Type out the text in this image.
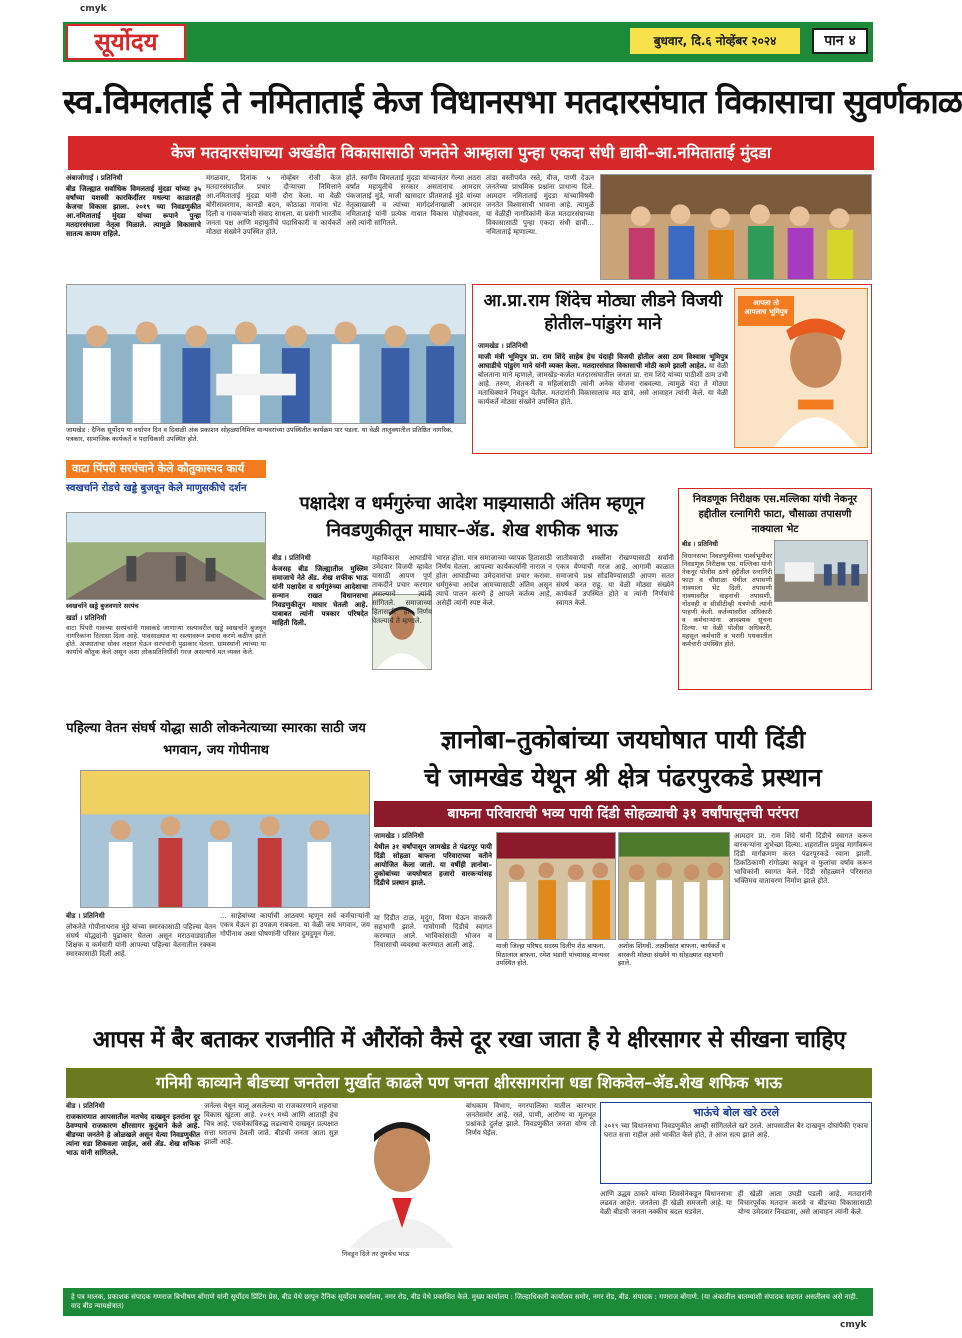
cmyk
cmyk
सूर्योदय	बुधवार, दि.६ नोव्हेंबर २०२४	पान ४
स्व.विमलताई ते नमिताताई केज विधानसभा मतदारसंघात विकासाचा सुवर्णकाळ
केज मतदारसंघाच्या अखंडीत विकासासाठी जनतेने आम्हाला पुन्हा एकदा संधी द्यावी–आ.नमिताताई मुंदडा
अंबाजोगाई । प्रतिनिधी
बीड जिल्ह्यात सर्वाधिक विमलताई मुंदडा यांच्या ३५ वर्षांच्या यशस्वी कारकिर्दीतर मधल्या काळातही केजचा विकास झाला. २०१९ च्या निवडणुकीत आ.नमिताताई मुंदडा यांच्या रूपाने पुन्हा मतदारसंघाला नेतृत्व मिळाले. त्यामुळे विकासाचे सातत्य कायम राहिले.
मंगळवार, दिनांक ५ नोव्हेंबर रोजी केज मतदारसंघातील प्रचार दौऱ्याच्या निमित्ताने आ.नमिताताई मुंदडा यांनी दौरा केला. या वेळी बोरीसावरगाव, कानडी बदन, कोठाळा गावांना भेट दिली व गावकऱ्यांशी संवाद साधला. या प्रसंगी भारतीय जनता पक्ष आणि महायुतीचे पदाधिकारी व कार्यकर्ते मोठ्या संख्येने उपस्थित होते.
होते. स्वर्गीय विमलताई मुंदडा यांच्यानंतर गेल्या अठरा वर्षांत महायुतीचे सरकार असतानाच आमदार पंकजाताई मुंडे, माजी खासदार प्रीतमताई मुंडे यांच्या नेतृत्वाखाली व त्यांच्या मार्गदर्शनाखाली आमदार नमिताताई यांनी प्रत्येक गावात विकास पोहोचवला, असे त्यांनी सांगितले.
तांडा वस्तीपर्यंत रस्ते, वीज, पाणी देऊन जनतेच्या प्राथमिक प्रश्नांना प्राधान्य दिले. आमदार नमिताताई मुंदडा यांच्याविषयी जनतेत विश्वासाची भावना आहे. त्यामुळे या वेळीही नागरिकांनी केज मतदारसंघाच्या विकासासाठी पुन्हा एकदा संधी द्यावी... नमिताताई म्हणाल्या.
जामखेड : दैनिक सूर्योदय या वर्धापन दिन व दिवाळी अंक प्रकाशन सोहळ्यानिमित्त मान्यवरांच्या उपस्थितीत कार्यक्रम पार पडला. या वेळी तालुक्यातील प्रतिष्ठित नागरिक, पत्रकार, सामाजिक कार्यकर्ते व पदाधिकारी उपस्थित होते.
आ.प्रा.राम शिंदेच मोठ्या लीडने विजयी होतील–पांडुरंग माने
जामखेड । प्रतिनिधी
माजी मंत्री भूमिपुत्र प्रा. राम शिंदे साहेब हेच यंदाही विजयी होतील असा ठाम विश्वास भूमिपुत्र आघाडीचे पांडुरंग माने यांनी व्यक्त केला. मतदारसंघात विकासाची मोठी कामे झाली आहेत. या वेळी बोलताना माने म्हणाले, जामखेड-कर्जत मतदारसंघातील जनता प्रा. राम शिंदे यांच्या पाठीशी ठाम उभी आहे. तरुण, शेतकरी व महिलांसाठी त्यांनी अनेक योजना राबवल्या. त्यामुळे यंदा ते मोठ्या मताधिक्याने निवडून येतील. मतदारांनी विकासालाच मत द्यावे, असे आवाहन त्यांनी केले. या वेळी कार्यकर्ते मोठ्या संख्येने उपस्थित होते.
आपला तो आपलाच भूमिपुत्र
वाटा पिंपरी सरपंचाने केले कौतुकास्पद कार्य
स्वखर्चाने रोडचे खड्डे बुजवून केले माणुसकीचे दर्शन
स्वखर्चाने खड्डे बुजवणारे सरपंच
खर्डा । प्रतिनिधी
वाटा पिंपरी गावच्या सरपंचांनी गावाकडे जाणाऱ्या रस्त्यावरील खड्डे स्वखर्चाने बुजवून नागरिकांना दिलासा दिला आहे. पावसाळ्यात या रस्त्यावरून प्रवास करणे कठीण झाले होते. अपघातांचा धोका लक्षात घेऊन सरपंचांनी पुढाकार घेतला. ग्रामस्थांनी त्यांच्या या कार्याचे कौतुक केले असून अशा लोकप्रतिनिधींची गरज असल्याचे मत व्यक्त केले.
पक्षादेश व धर्मगुरुंचा आदेश माझ्यासाठी अंतिम म्हणून निवडणुकीतून माघार–ॲड. शेख शफीक भाऊ
बीड । प्रतिनिधी
केजसह बीड जिल्ह्यातील मुस्लिम समाजाचे नेते ॲड. शेख शफीक भाऊ यांनी पक्षादेश व धर्मगुरुंच्या आदेशाचा सन्मान राखत विधानसभा निवडणुकीतून माघार घेतली आहे. याबाबत त्यांनी पत्रकार परिषदेत माहिती दिली.
महाविकास आघाडीचे उमेदवार विजयी व्हावेत यासाठी आपण पूर्ण ताकदीने प्रचार करणार असल्याचे त्यांनी सांगितले. समाजाच्या हितासाठी हा निर्णय घेतल्याचे ते म्हणाले.
भारत होता. मात्र समाजाच्या व्यापक हितासाठी निर्णय घेतला. आपल्या कार्यकर्त्यांनी नाराज न होता आघाडीच्या उमेदवारांचा प्रचार करावा. धर्मगुरुंचा आदेश आमच्यासाठी अंतिम असून त्याचे पालन करणे हे आपले कर्तव्य आहे, असेही त्यांनी स्पष्ट केले.
जातीयवादी शक्तींना रोखण्यासाठी सर्वांनी एकत्र येण्याची गरज आहे. आगामी काळात समाजाचे प्रश्न सोडविण्यासाठी आपण सतत संघर्ष करत राहू. या वेळी मोठ्या संख्येने कार्यकर्ते उपस्थित होते व त्यांनी निर्णयाचे स्वागत केले.
निवडणूक निरीक्षक एस.मल्लिका यांची नेकनूर हद्दीतील रत्नागिरी फाटा, चौसाळा तपासणी नाक्याला भेट
बीड । प्रतिनिधी
विधानसभा निवडणुकीच्या पार्श्वभूमीवर निवडणूक निरीक्षक एस. मल्लिका यांनी नेकनूर पोलीस ठाणे हद्दीतील रत्नागिरी फाटा व चौसाळा येथील तपासणी नाक्याला भेट दिली. तपासणी नाक्यावरील वाहनांची तपासणी, नोंदवही व सीसीटीव्ही यंत्रणेची त्यांनी पाहणी केली. कर्तव्यावरील अधिकारी व कर्मचाऱ्यांना आवश्यक सूचना दिल्या. या वेळी पोलीस अधिकारी, महसूल कर्मचारी व भरारी पथकातील कर्मचारी उपस्थित होते.
पहिल्या वेतन संघर्ष योद्धा साठी लोकनेत्याच्या स्मारका साठी जय भगवान, जय गोपीनाथ
बीड । प्रतिनिधी
लोकनेते गोपीनाथराव मुंडे यांच्या स्मारकासाठी पहिल्या वेतन संघर्ष योद्ध्यांनी पुढाकार घेतला असून मराठवाड्यातील शिक्षक व कर्मचारी यांनी आपल्या पहिल्या वेतनातील रक्कम स्मारकासाठी दिली आहे.
... साहेबांच्या कार्याची आठवण म्हणून सर्व कर्मचाऱ्यांनी एकत्र येऊन हा उपक्रम राबवला. या वेळी जय भगवान, जय गोपीनाथ अशा घोषणांनी परिसर दुमदुमून गेला.
ज्ञानोबा–तुकोबांच्या जयघोषात पायी दिंडी
चे जामखेड येथून श्री क्षेत्र पंढरपुरकडे प्रस्थान
बाफना परिवाराची भव्य पायी दिंडी सोहळ्याची ३१ वर्षांपासूनची परंपरा
जामखेड । प्रतिनिधी
येथील ३१ वर्षांपासून जामखेड ते पंढरपूर पायी दिंडी सोहळा बाफना परिवाराच्या वतीने आयोजित केला जातो. या वर्षीही ज्ञानोबा–तुकोबांच्या जयघोषात हजारो वारकऱ्यांसह दिंडीचे प्रस्थान झाले.
या दिंडीत टाळ, मृदुंग, विणा घेऊन वारकरी सहभागी झाले. गावोगावी दिंडीचे स्वागत करण्यात आले. भाविकांसाठी भोजन व निवासाची व्यवस्था करण्यात आली आहे.	माजी जिल्हा परिषद सदस्य दिलीप शेठ बाफना, मिठालाल बाफना, रमेश भंडारी यांच्यासह मान्यवर उपस्थित होते.
अशोक शिंगवी, लक्ष्मीकांत बाफना, कार्यकर्ते व वारकरी मोठ्या संख्येने या सोहळ्यात सहभागी झाले.
आमदार प्रा. राम शिंदे यांनी दिंडीचे स्वागत करून वारकऱ्यांना शुभेच्छा दिल्या. शहरातील प्रमुख मार्गांवरून दिंडी मार्गक्रमण करत पंढरपूरकडे रवाना झाली. ठिकठिकाणी रांगोळ्या काढून व फुलांचा वर्षाव करून भाविकांनी स्वागत केले. दिंडी सोहळ्याने परिसरात भक्तिमय वातावरण निर्माण झाले होते.
आपस में बैर बताकर राजनीति में औरोंको कैसे दूर रखा जाता है ये क्षीरसागर से सीखना चाहिए
गनिमी काव्याने बीडच्या जनतेला मुर्खात काढले पण जनता क्षीरसागरांना धडा शिकवेल–ॲड.शेख शफिक भाऊ
बीड । प्रतिनिधी
राजकारणात आपसातील मतभेद दाखवून इतरांना दूर ठेवण्याचे राजकारण क्षीरसागर कुटुंबाने केले आहे. बीडच्या जनतेने हे ओळखले असून येत्या निवडणुकीत त्यांना धडा शिकवला जाईल, असे ॲड. शेख शफिक भाऊ यांनी सांगितले.
जर्नल्स येथून चालू असलेल्या या राजकारणाने शहराचा विकास खुंटला आहे. २०१९ मध्ये आणि आताही हेच चित्र आहे. एकमेकांविरुद्ध लढल्याचे दाखवून प्रत्यक्षात सत्ता घरातच ठेवली जाते. बीडची जनता आता सुज्ञ झाली आहे.
निवडून दिले तर तुमचेच भाऊ
बांधकाम विभाग, नगरपालिका यातील कारभार जनतेसमोर आहे. रस्ते, पाणी, आरोग्य या मूलभूत प्रश्नांकडे दुर्लक्ष झाले. निवडणुकीत जनता योग्य तो निर्णय घेईल.
भाऊंचे बोल खरे ठरले
२०१९ च्या विधानसभा निवडणुकीत आम्ही सांगितलेले खरे ठरले. आपसातील बैर दाखवून दोघांपैकी एकाच घरात सत्ता राहील असे भाकीत केले होते, ते आज सत्य झाले आहे.
आणि उद्धव ठाकरे यांच्या शिवसेनेकडून विधानसभा लढवत आहेत. जनतेला ही खेळी समजली आहे. या वेळी बीडची जनता नक्कीच बदल घडवेल.
ही खेळी आता उघडी पडली आहे. मतदारांनी विचारपूर्वक मतदान करावे व बीडच्या विकासासाठी योग्य उमेदवार निवडावा, असे आवाहन त्यांनी केले.
हे पत्र मालक, प्रकाशक संपादक गणराज बिभीषण बोंगाणे यांनी सूर्योदय प्रिंटिंग प्रेस, बीड येथे छापून दैनिक सूर्योदय कार्यालय, नगर रोड, बीड येथे प्रकाशित केले. मुख्य कार्यालय : जिल्हाधिकारी कार्यालय समोर, नगर रोड, बीड. संपादक : गणराज बोंगाणे. (या अंकातील बातम्यांशी संपादक सहमत असतीलच असे नाही. वाद बीड न्यायक्षेत्रात)
